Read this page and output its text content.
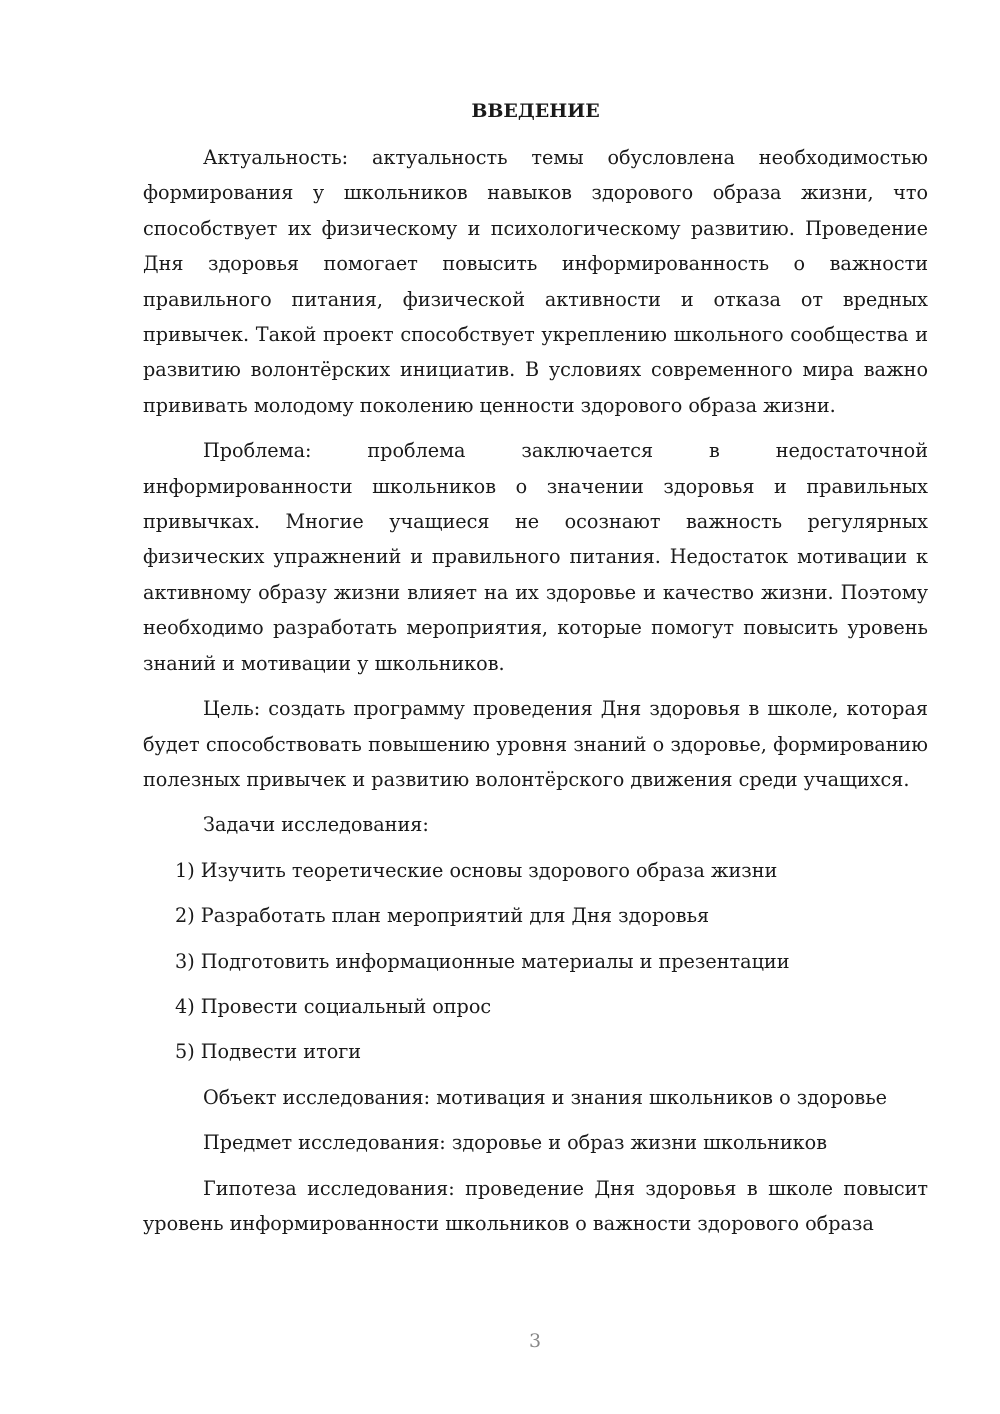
ВВЕДЕНИЕ

Актуальность: актуальность темы обусловлена необходимостью формирования у школьников навыков здорового образа жизни, что способствует их физическому и психологическому развитию. Проведение Дня здоровья помогает повысить информированность о важности правильного питания, физической активности и отказа от вредных привычек. Такой проект способствует укреплению школьного сообщества и развитию волонтёрских инициатив. В условиях современного мира важно прививать молодому поколению ценности здорового образа жизни.

Проблема: проблема заключается в недостаточной информированности школьников о значении здоровья и правильных привычках. Многие учащиеся не осознают важность регулярных физических упражнений и правильного питания. Недостаток мотивации к активному образу жизни влияет на их здоровье и качество жизни. Поэтому необходимо разработать мероприятия, которые помогут повысить уровень знаний и мотивации у школьников.

Цель: создать программу проведения Дня здоровья в школе, которая будет способствовать повышению уровня знаний о здоровье, формированию полезных привычек и развитию волонтёрского движения среди учащихся.

Задачи исследования:

1) Изучить теоретические основы здорового образа жизни

2) Разработать план мероприятий для Дня здоровья

3) Подготовить информационные материалы и презентации

4) Провести социальный опрос

5) Подвести итоги

Объект исследования: мотивация и знания школьников о здоровье

Предмет исследования: здоровье и образ жизни школьников

Гипотеза исследования: проведение Дня здоровья в школе повысит уровень информированности школьников о важности здорового образа

3
